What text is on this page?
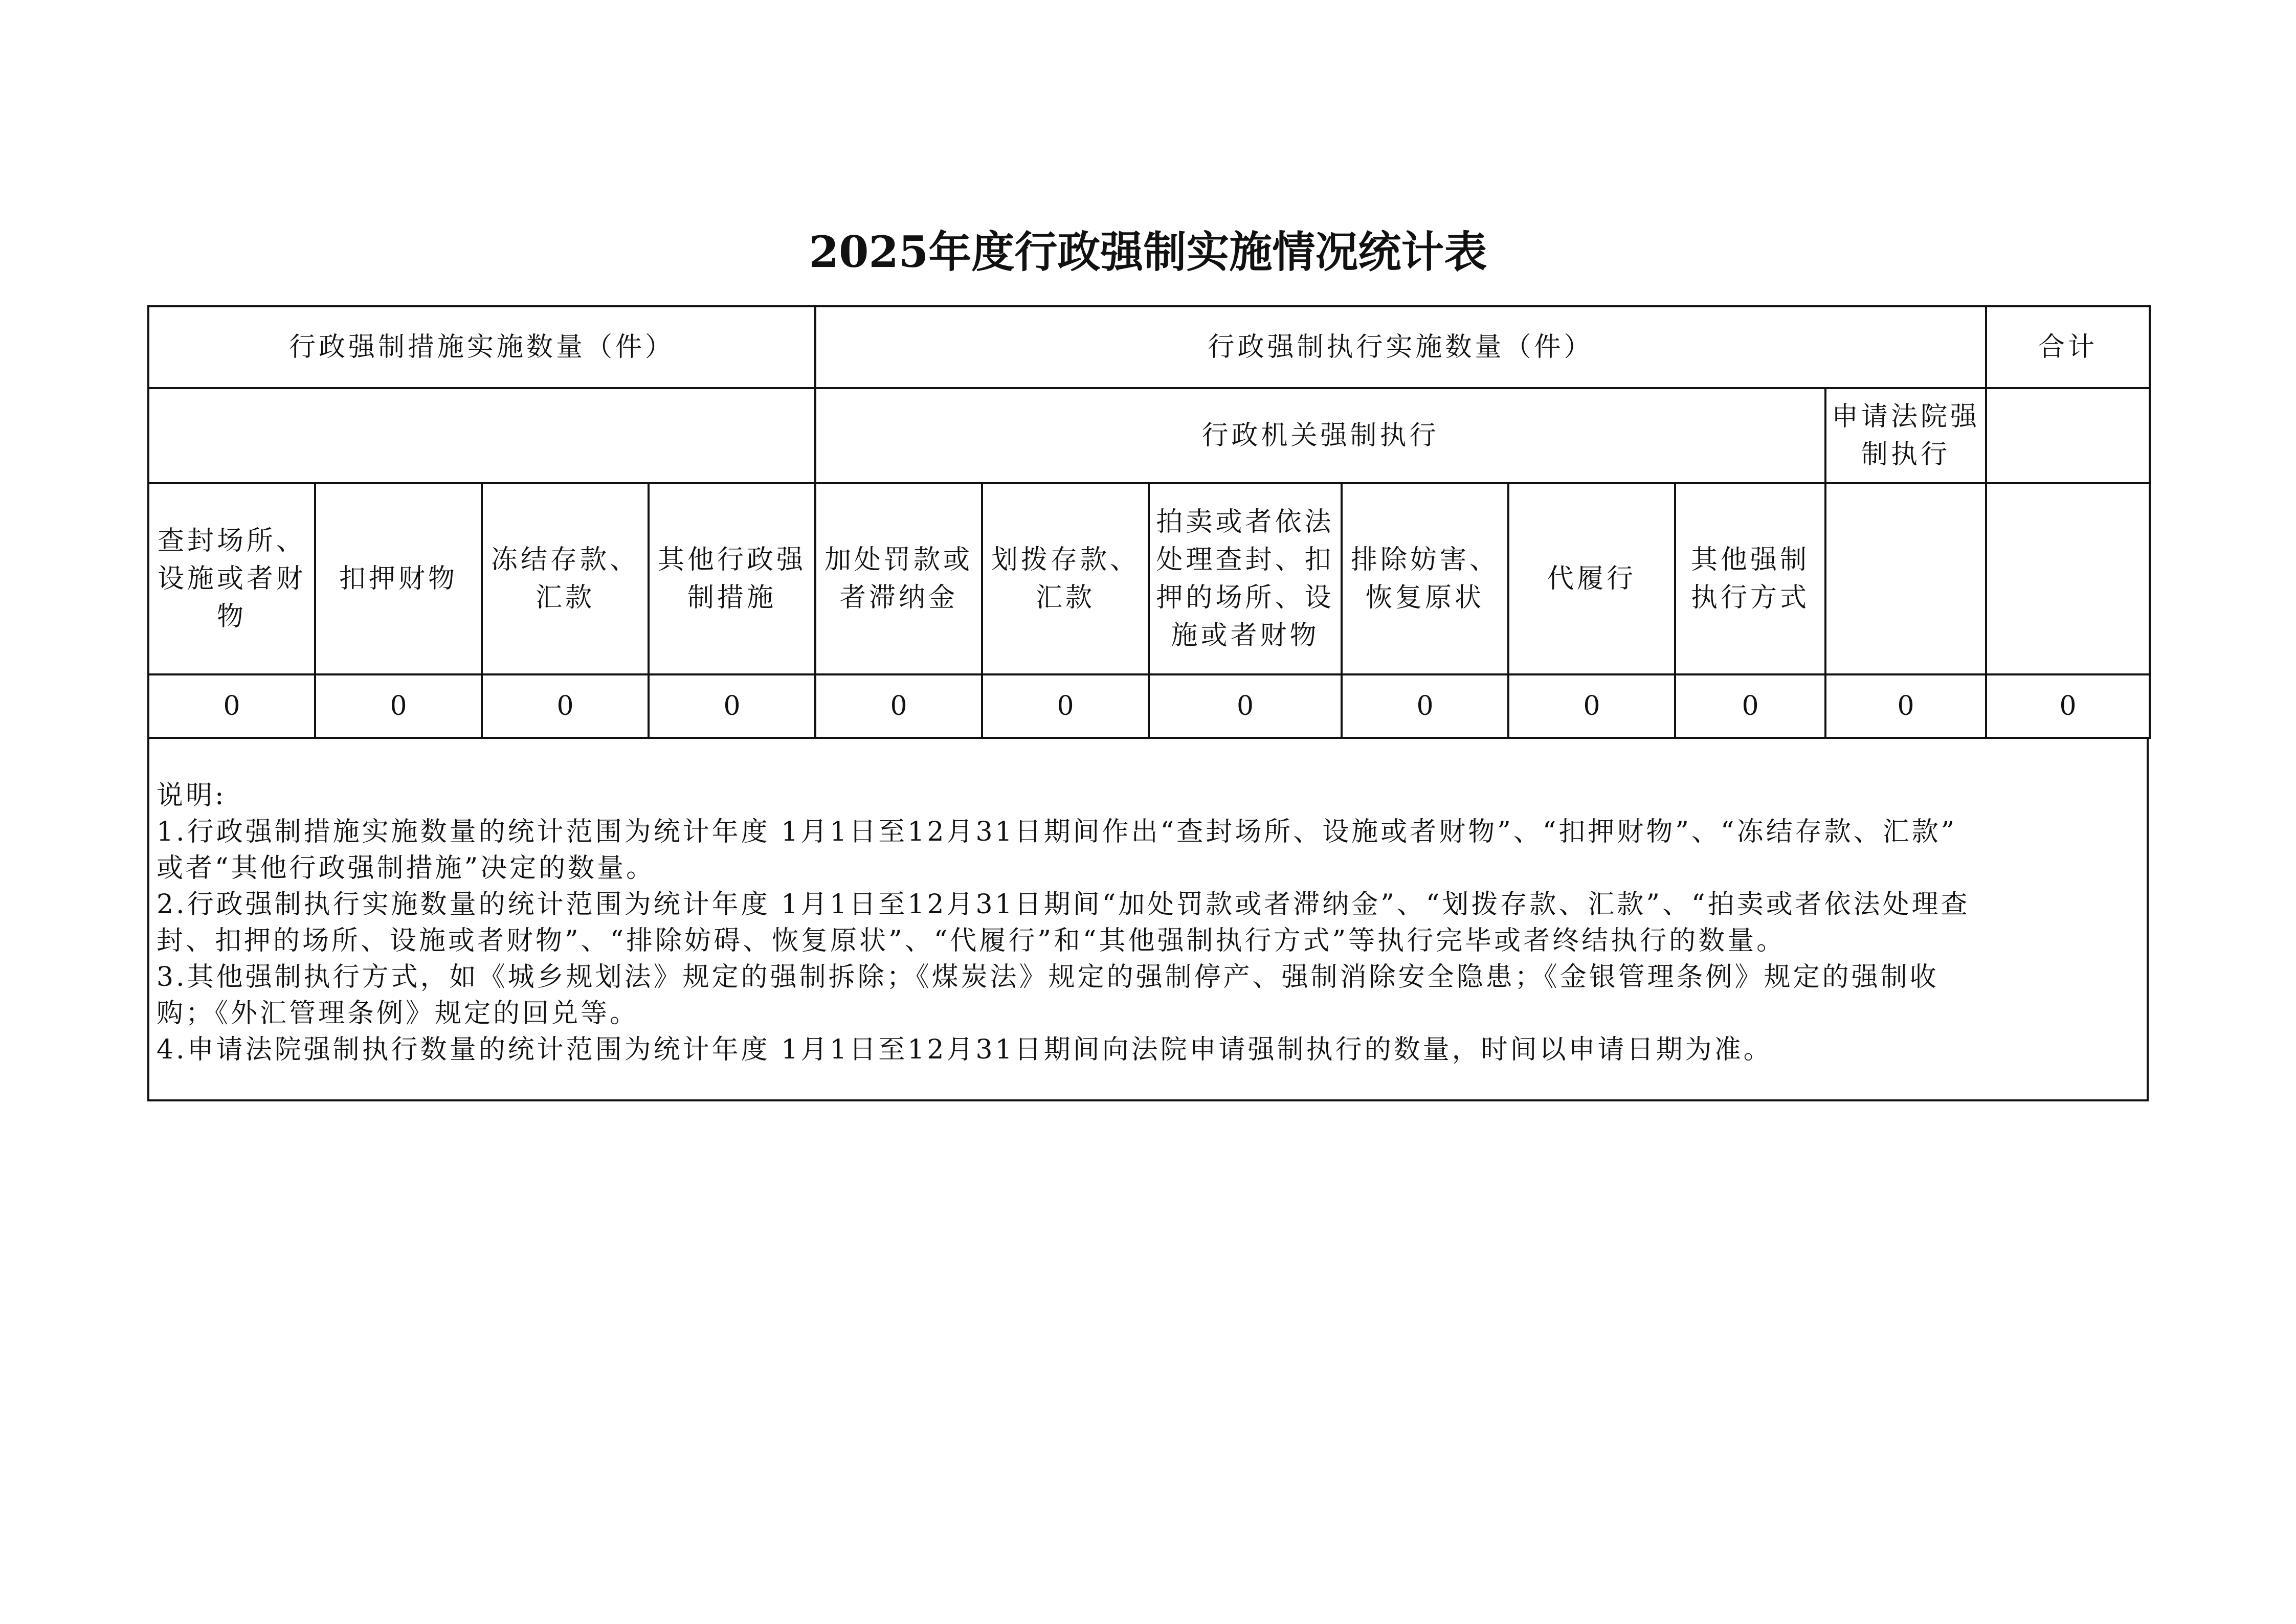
2025年度行政强制实施情况统计表
行政强制措施实施数量（件）				行政强制执行实施数量（件）							合计
				行政机关强制执行						申请法院强制执行	
查封场所、设施或者财物	扣押财物	冻结存款、汇款	其他行政强制措施	加处罚款或者滞纳金	划拨存款、汇款	拍卖或者依法处理查封、扣押的场所、设施或者财物	排除妨害、恢复原状	代履行	其他强制执行方式		
0	0	0	0	0	0	0	0	0	0	0	0
说明:
1.行政强制措施实施数量的统计范围为统计年度 1月1日至12月31日期间作出“查封场所、设施或者财物”、“扣押财物”、“冻结存款、汇款”
或者“其他行政强制措施”决定的数量。
2.行政强制执行实施数量的统计范围为统计年度 1月1日至12月31日期间“加处罚款或者滞纳金”、“划拨存款、汇款”、“拍卖或者依法处理查
封、扣押的场所、设施或者财物”、“排除妨碍、恢复原状”、“代履行”和“其他强制执行方式”等执行完毕或者终结执行的数量。
3.其他强制执行方式，如《城乡规划法》规定的强制拆除；《煤炭法》规定的强制停产、强制消除安全隐患；《金银管理条例》规定的强制收
购；《外汇管理条例》规定的回兑等。
4.申请法院强制执行数量的统计范围为统计年度 1月1日至12月31日期间向法院申请强制执行的数量，时间以申请日期为准。
